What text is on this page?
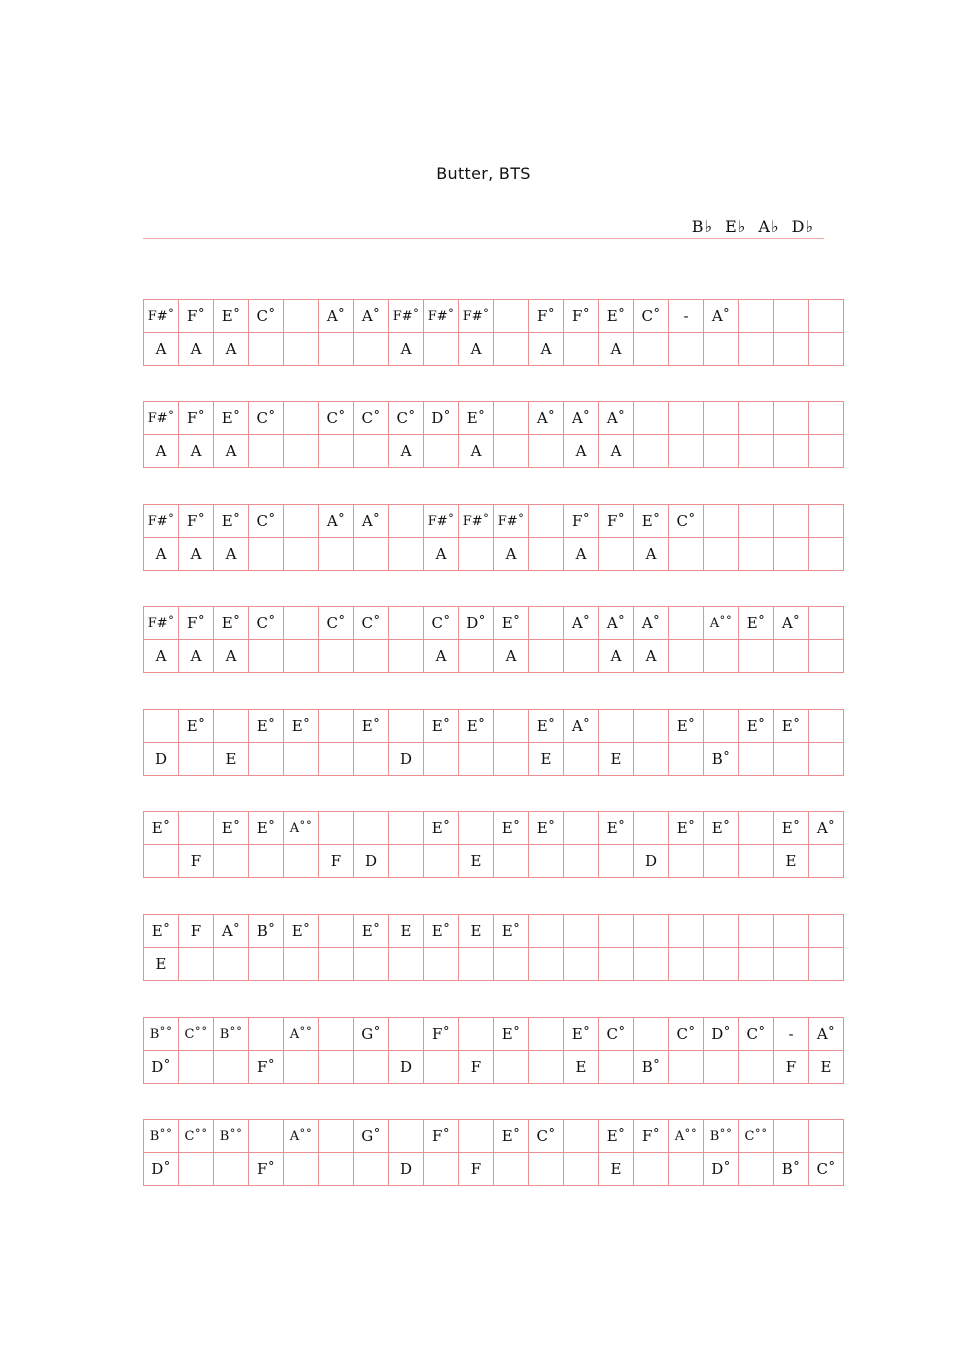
Butter, BTS
B♭ E♭ A♭ D♭
F#˚	F˚	E˚	C˚		A˚	A˚	F#˚	F#˚	F#˚		F˚	F˚	E˚	C˚	-	A˚			
A	A	A					A		A		A		A						
F#˚	F˚	E˚	C˚		C˚	C˚	C˚	D˚	E˚		A˚	A˚	A˚						
A	A	A					A		A			A	A						
F#˚	F˚	E˚	C˚		A˚	A˚		F#˚	F#˚	F#˚		F˚	F˚	E˚	C˚				
A	A	A						A		A		A		A					
F#˚	F˚	E˚	C˚		C˚	C˚		C˚	D˚	E˚		A˚	A˚	A˚		A˚˚	E˚	A˚	
A	A	A						A		A			A	A					
	E˚		E˚	E˚		E˚		E˚	E˚		E˚	A˚			E˚		E˚	E˚	
D		E					D				E		E			B˚			
E˚		E˚	E˚	A˚˚				E˚		E˚	E˚		E˚		E˚	E˚		E˚	A˚
	F				F	D			E					D				E	
E˚	F	A˚	B˚	E˚		E˚	E	E˚	E	E˚									
E																			
B˚˚	C˚˚	B˚˚		A˚˚		G˚		F˚		E˚		E˚	C˚		C˚	D˚	C˚	-	A˚
D˚			F˚				D		F			E		B˚				F	E
B˚˚	C˚˚	B˚˚		A˚˚		G˚		F˚		E˚	C˚		E˚	F˚	A˚˚	B˚˚	C˚˚		
D˚			F˚				D		F				E			D˚		B˚	C˚
